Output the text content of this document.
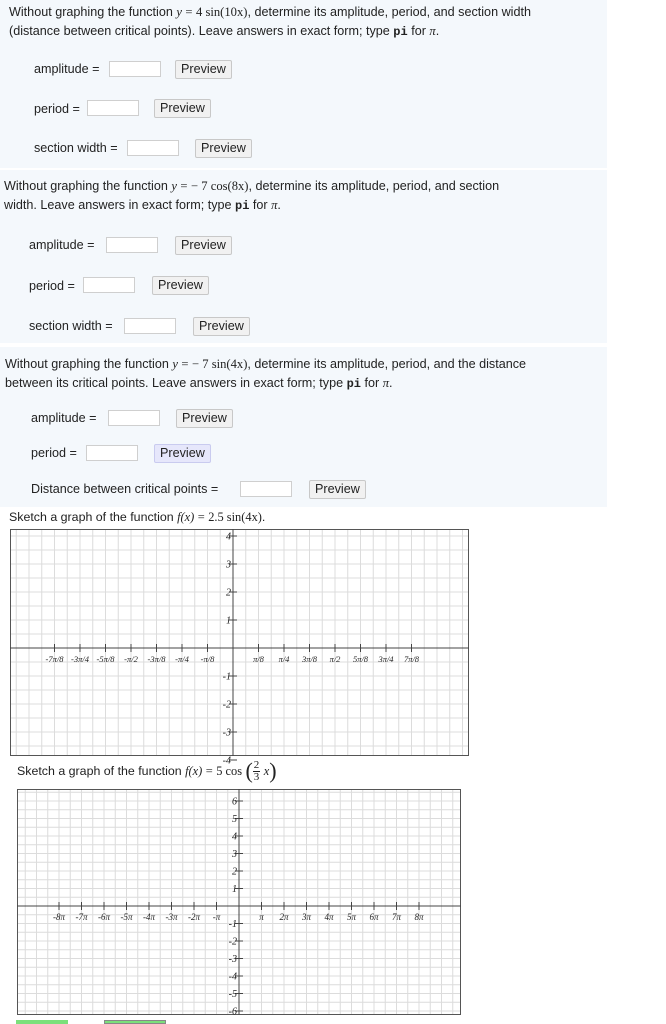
Without graphing the function y = 4 sin(10x), determine its amplitude, period, and section width
(distance between critical points). Leave answers in exact form; type pi for π.
amplitude =	Preview
period =	Preview
section width =	Preview
Without graphing the function y = − 7 cos(8x), determine its amplitude, period, and section
width. Leave answers in exact form; type pi for π.
amplitude =	Preview
period =	Preview
section width =	Preview
Without graphing the function y = − 7 sin(4x), determine its amplitude, period, and the distance
between its critical points. Leave answers in exact form; type pi for π.
amplitude =	Preview
period =	Preview
Distance between critical points =	Preview
Sketch a graph of the function f(x) = 2.5 sin(4x).
-7π/8 -3π/4 -5π/8 -π/2 -3π/8 -π/4 -π/8	π/8 π/4 3π/8 π/2 5π/8 3π/4 7π/8
4
3
2
1
-1
-2
-3
-4
Sketch a graph of the function f(x) = 5 cos ( $\frac{2}{3} x$)
-8π -7π -6π -5π -4π -3π -2π -π	π 2π 3π 4π 5π 6π 7π 8π
6
5
4
3
2
1
-1
-2
-3
-4
-5
-6
